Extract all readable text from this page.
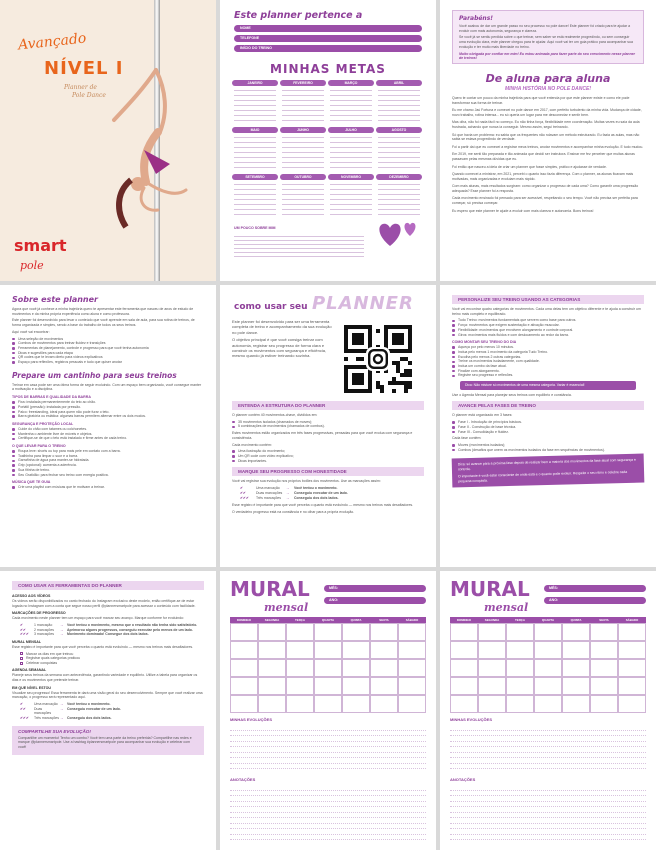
Avançado
NÍVEL I
Planner de
Pole Dance
smart
pole
Este planner pertence a
NOME
TELEFONE
INÍCIO DO TREINO
MINHAS METAS
JANEIRO	FEVEREIRO	MARÇO	ABRIL
MAIO	JUNHO	JULHO	AGOSTO
SETEMBRO	OUTUBRO	NOVEMBRO	DEZEMBRO
UM POUCO SOBRE MIM
Parabéns!
Você acabou de dar um grande passo no seu processo no pole dance! Este planner foi criado para te ajudar a evoluir com mais autonomia, segurança e clareza.
Se você já se sentiu perdida sobre o que treinar, sem saber se está realmente progredindo, ou sem conseguir uma evolução clara, este planner chegou para te ajudar. Aqui você vai ter um guia prático para acompanhar sua evolução e ter muito mais liberdade no treino.
Muito obrigada por confiar em mim! Eu estou animada para fazer parte do seu crescimento nesse planner de treinos!
De aluna para aluna
MINHA HISTÓRIA NO POLE DANCE!
Quero te contar um pouco da minha trajetória para que você entenda por que este planner existe e como ele pode transformar sua forma de treinar.
Eu me chamo Jaú Fortuna e comecei no pole dance em 2017, com perfeito turbulento da minha vida. Mudança de cidade, novo trabalho, rotina intensa... eu só queria um lugar para me desconectar e sentir bem.
Mas olha, não foi nada fácil no começo. Eu não tinha força, flexibilidade nem coordenação. Muitas vezes eu saía da aula frustrada, achando que nunca ia conseguir. Mesmo assim, segui treinando.
Só que havia um problema: eu sabia que os frequentes não rolavam um método estruturado. Eu fazia as aulas, mas não sabia se estava progredindo de verdade.
Foi a partir daí que eu comecei a registrar meus treinos, anotar movimentos e acompanhar minha evolução. E tudo mudou.
Em 2019, me senti tão preparada e tão animada que decidi ser instrutora. Ensinar me fez perceber que muitas alunas passavam pelas mesmas dúvidas que eu.
Foi então que nasceu a ideia de criar um planner que fosse simples, prático e ajudasse de verdade.
Quando comecei a ministrar, em 2021, percebi o quanto isso fazia diferença. Com o planner, as alunas ficavam mais motivadas, mais organizadas e evoluíam mais rápido.
Com mais alunas, mais resultados surgiram: como organizar o progresso de cada uma? Como garantir uma progressão adequada? Esse planner foi a resposta.
Cada movimento ensinado foi pensado para ser acessível, respeitando o seu tempo. Você não precisa ser perfeita para começar, só precisa começar.
Eu espero que este planner te ajude a evoluir com mais clareza e autonomia. Bons treinos!
Sobre este planner
Agora que você já conhece a minha trajetória quero te apresentar este ferramenta que nasceu de anos de estudo de movimentos e da minha própria experiência como aluna e como professora.
Este planner foi desenvolvido para levar o conteúdo que você aprende em sala de aula, para sua rotina de treinos, de forma organizada e simples, sendo a base do trabalho de todos os seus treinos.
Aqui você vai encontrar:
Uma seleção de movimentos
Combos de movimentos para treinar fluidez e transições
Ferramentas de planejamento, controle e progresso para que você tenha autonomia
Dicas e sugestões para cada etapa
QR codes que te levam direto para vídeos explicativos
Espaço para reflexões, registros pessoais e tudo que quiser anotar
Prepare um cantinho para seus treinos
Treinar em casa pode ser uma ótima forma de seguir evoluindo. Com um espaço bem organizado, você consegue manter a motivação e a disciplina.
TIPOS DE BARRAS E QUALIDADE DA BARRA
Fixa: instalada permanentemente do teto ao chão.
Portátil (pressão): instalada por pressão.
Palco: freestanding, ideal para quem não pode furar o teto.
Barra giratória ou estática: algumas barras permitem alternar entre os dois modos.
SEGURANÇA E PROTEÇÃO LOCAL
Cuide do chão com tatames ou colchonetes.
Mantenha o ambiente livre de móveis e objetos.
Certifique-se de que o teto está instalado e firme antes de cada treino.
O QUE LEVAR PARA O TREINO
Roupa leve: shorts ou top para mais pele em contato com a barra.
Toalhinha para limpar o suor e a barra.
Garrafinha de água para manter-se hidratada.
Grip (opcional): aumenta a aderência.
Sua fitinha de treino.
Seu Gratidão: para fechar seu treino com energia positiva.
MÚSICA QUE TE GUIA
Crie uma playlist com músicas que te motivam a treinar.
como usar seu PLANNER
Este planner foi desenvolvido para ser uma ferramenta completa de treino e acompanhamento da sua evolução no pole dance.
O objetivo principal é que você consiga treinar com autonomia, registrar seu progresso de forma clara e construir os movimentos com segurança e eficiência, mesmo quando já estiver treinando sozinha.
ENTENDA A ESTRUTURA DO PLANNER
O planner contém 40 movimentos-chave, divididos em:
35 movimentos isolados (chamados de moves);
5 combinações de movimentos (chamados de combos).
Estes movimentos estão organizados em três fases progressivas, pensadas para que você evolua com segurança e consistência.
Cada movimento contém:
Uma ilustração do movimento;
Um QR code com vídeo explicativo;
Dicas importantes.
MARQUE SEU PROGRESSO COM HONESTIDADE
Você vai registrar sua evolução nos próprios botões dos movimentos. Use as marcações assim:
✔	Uma marcação	→	Você tentou o movimento.
✔✔	Duas marcações	→	Conseguiu executar de um lado.
✔✔✔	Três marcações	→	Conseguiu dos dois lados.
Esse registro é importante para que você perceba o quanto está evoluindo — mesmo nos treinos mais desafiadores.
O verdadeiro progresso está na constância e no olhar para a própria evolução.
PERSONALIZE SEU TREINO USANDO AS CATEGORIAS
Você vai encontrar quatro categorias de movimentos. Cada uma delas tem um objetivo diferente e te ajuda a construir um treino mais completo e equilibrado.
Tudo Treino: movimentos fundamentais que servem como base para outros.
Força: movimentos que exigem sustentação e ativação muscular.
Flexibilidade: movimentos que envolvem alongamento e controle corporal.
Giros: movimentos mais fluidos e com deslocamento ao redor da barra.
COMO MONTAR SEU TREINO DO DIA
Aqueça por pelo menos 10 minutos.
Inclua pelo menos 1 movimento da categoria Tudo Treino.
Escolha pelo menos 2 outras categorias.
Treine os movimentos isoladamente, com qualidade.
Inclua um combo da fase atual.
Finalize com alongamento.
Registre seu progresso e reflexões.
Dica: Não misture só movimentos de uma mesma categoria. Variar é essencial!
Use o Agenda Mensal para planejar seus treinos com equilíbrio e constância.
AVANCE PELAS FASES DE TREINO
O planner está organizado em 3 fases:
Fase I - Introdução de princípios básicos.
Fase II - Construção de base técnica.
Fase III - Consolidação e fluidez.
Cada fase contém:
Moves (movimentos isolados);
Combos (desafios que unem os movimentos isolados da fase em sequências de movimentos).
Dica: só avance para a próxima fase depois de realizar bem a maioria dos movimentos da fase atual com segurança e controle.
O importante é você estar consciente de onde está e o quanto pode evoluir. Respeite o seu ritmo e celebre cada pequena conquista.
COMO USAR AS FERRAMENTAS DO PLANNER
ACESSO AOS VÍDEOS
Os vídeos serão disponibilizados no canto fechado do Instagram exclusivo deste modelo, então certifique-se de estar logada no Instagram com a conta que segue nosso perfil @plannersmartpole para acessar o conteúdo com facilidade.
MARCAÇÕES DE PROGRESSO
Cada movimento neste planner tem um espaço para você marcar seu avanço. Marque conforme for evoluindo:
✔	1 marcação	→	Você tentou o movimento, mesmo que o resultado não tenha sido satisfatório.
✔✔	2 marcações	→	Aprimorou alguns progressos, conseguiu executar pelo menos de um lado.
✔✔✔	3 marcações	→	Movimento dominado! Consegue dos dois lados.
MURAL MENSAL
Esse registro é importante para que você perceba o quanto está evoluindo — mesmo nos treinos mais desafiadores.
Marcar os dias em que treinou
Registrar quais categorias praticou
Celebrar conquistas
AGENDA SEMANAL
Planeje seus treinos da semana com antecedência, garantindo variedade e equilíbrio. Utilize a tabela para organizar os dias e os movimentos que pretende treinar.
EM QUE NÍVEL ESTOU
Visualize seu progresso! Essa ferramenta te dará uma visão geral do seu desenvolvimento. Sempre que você realizar uma marcação, o progresso será representado aqui.
✔	Uma marcação →	Você tentou o movimento.
✔✔	Duas marcações
→	Conseguiu executar de um lado.
✔✔✔	Três marcações →	Conseguiu dos dois lados.
COMPARTILHE SUA EVOLUÇÃO!
Compartilhe um momento! Tenho um combo? Você tem uma parte da treino preferida? Compartilhe nas redes e marque @plannersmartpole. Use a hashtag #plannersmartpole para acompanhar sua evolução e celebrar com você!
MURAL
mensal
MÊS:
ANO:
DOMINGO	SEGUNDA	TERÇA	QUARTA	QUINTA	SEXTA	SÁBADO
MINHAS EVOLUÇÕES
ANOTAÇÕES
MURAL
mensal
MÊS:
ANO:
DOMINGO	SEGUNDA	TERÇA	QUARTA	QUINTA	SEXTA	SÁBADO
MINHAS EVOLUÇÕES
ANOTAÇÕES
